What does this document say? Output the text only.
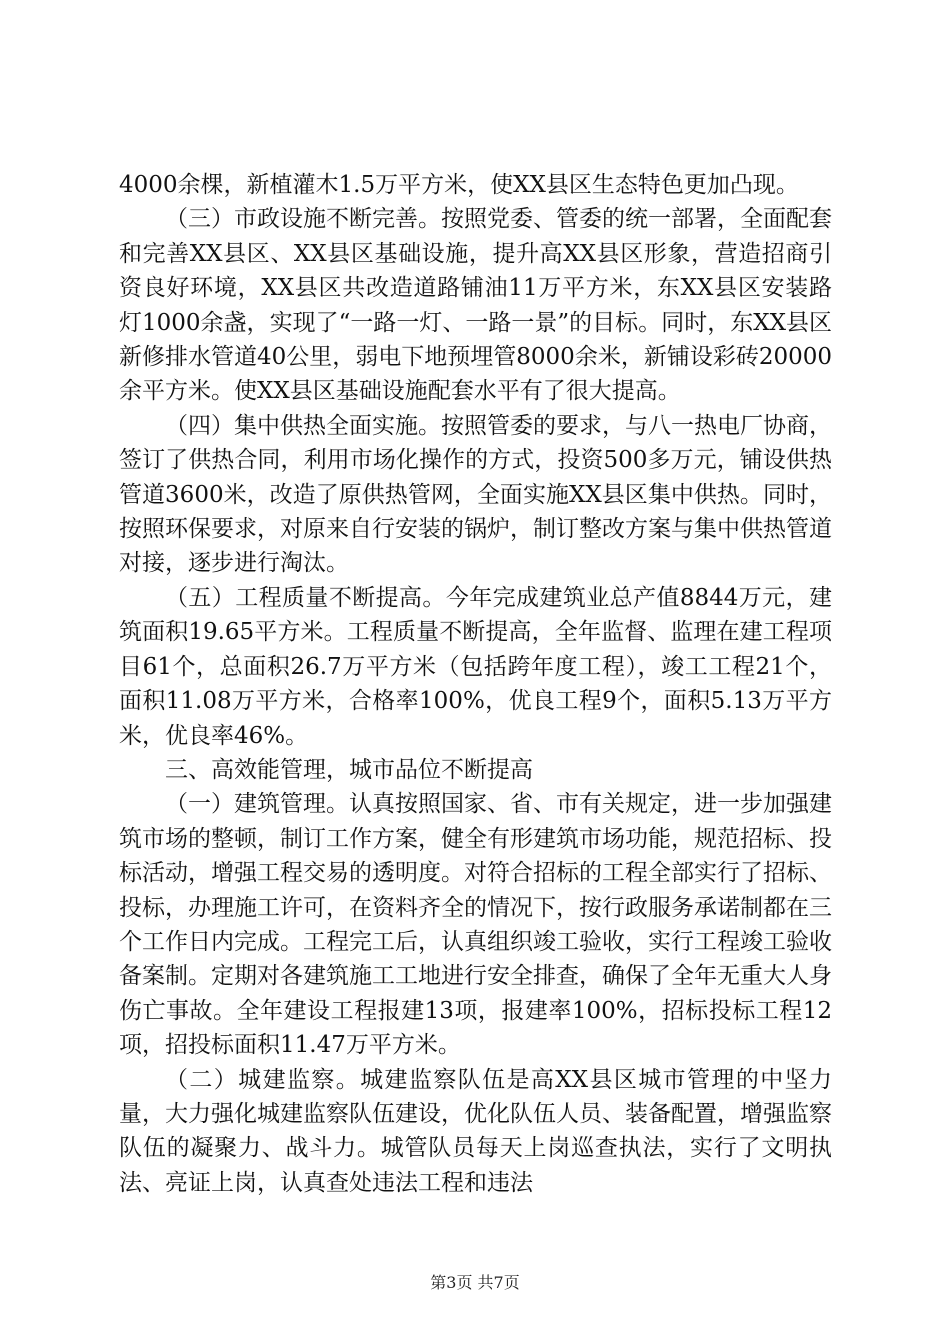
4000余棵，新植灌木1.5万平方米，使XX县区生态特色更加凸现。

（三）市政设施不断完善。按照党委、管委的统一部署，全面配套和完善XX县区、XX县区基础设施，提升高XX县区形象，营造招商引资良好环境，XX县区共改造道路铺油11万平方米，东XX县区安装路灯1000余盏，实现了“一路一灯、一路一景”的目标。同时，东XX县区新修排水管道40公里，弱电下地预埋管8000余米，新铺设彩砖20000余平方米。使XX县区基础设施配套水平有了很大提高。

（四）集中供热全面实施。按照管委的要求，与八一热电厂协商，签订了供热合同，利用市场化操作的方式，投资500多万元，铺设供热管道3600米，改造了原供热管网，全面实施XX县区集中供热。同时，按照环保要求，对原来自行安装的锅炉，制订整改方案与集中供热管道对接，逐步进行淘汰。

（五）工程质量不断提高。今年完成建筑业总产值8844万元，建筑面积19.65平方米。工程质量不断提高，全年监督、监理在建工程项目61个，总面积26.7万平方米（包括跨年度工程），竣工工程21个，面积11.08万平方米，合格率100%，优良工程9个，面积5.13万平方米，优良率46%。

三、高效能管理，城市品位不断提高

（一）建筑管理。认真按照国家、省、市有关规定，进一步加强建筑市场的整顿，制订工作方案，健全有形建筑市场功能，规范招标、投标活动，增强工程交易的透明度。对符合招标的工程全部实行了招标、投标，办理施工许可，在资料齐全的情况下，按行政服务承诺制都在三个工作日内完成。工程完工后，认真组织竣工验收，实行工程竣工验收备案制。定期对各建筑施工工地进行安全排查，确保了全年无重大人身伤亡事故。全年建设工程报建13项，报建率100%，招标投标工程12项，招投标面积11.47万平方米。

（二）城建监察。城建监察队伍是高XX县区城市管理的中坚力量，大力强化城建监察队伍建设，优化队伍人员、装备配置，增强监察队伍的凝聚力、战斗力。城管队员每天上岗巡查执法，实行了文明执法、亮证上岗，认真查处违法工程和违法

第3页 共7页
